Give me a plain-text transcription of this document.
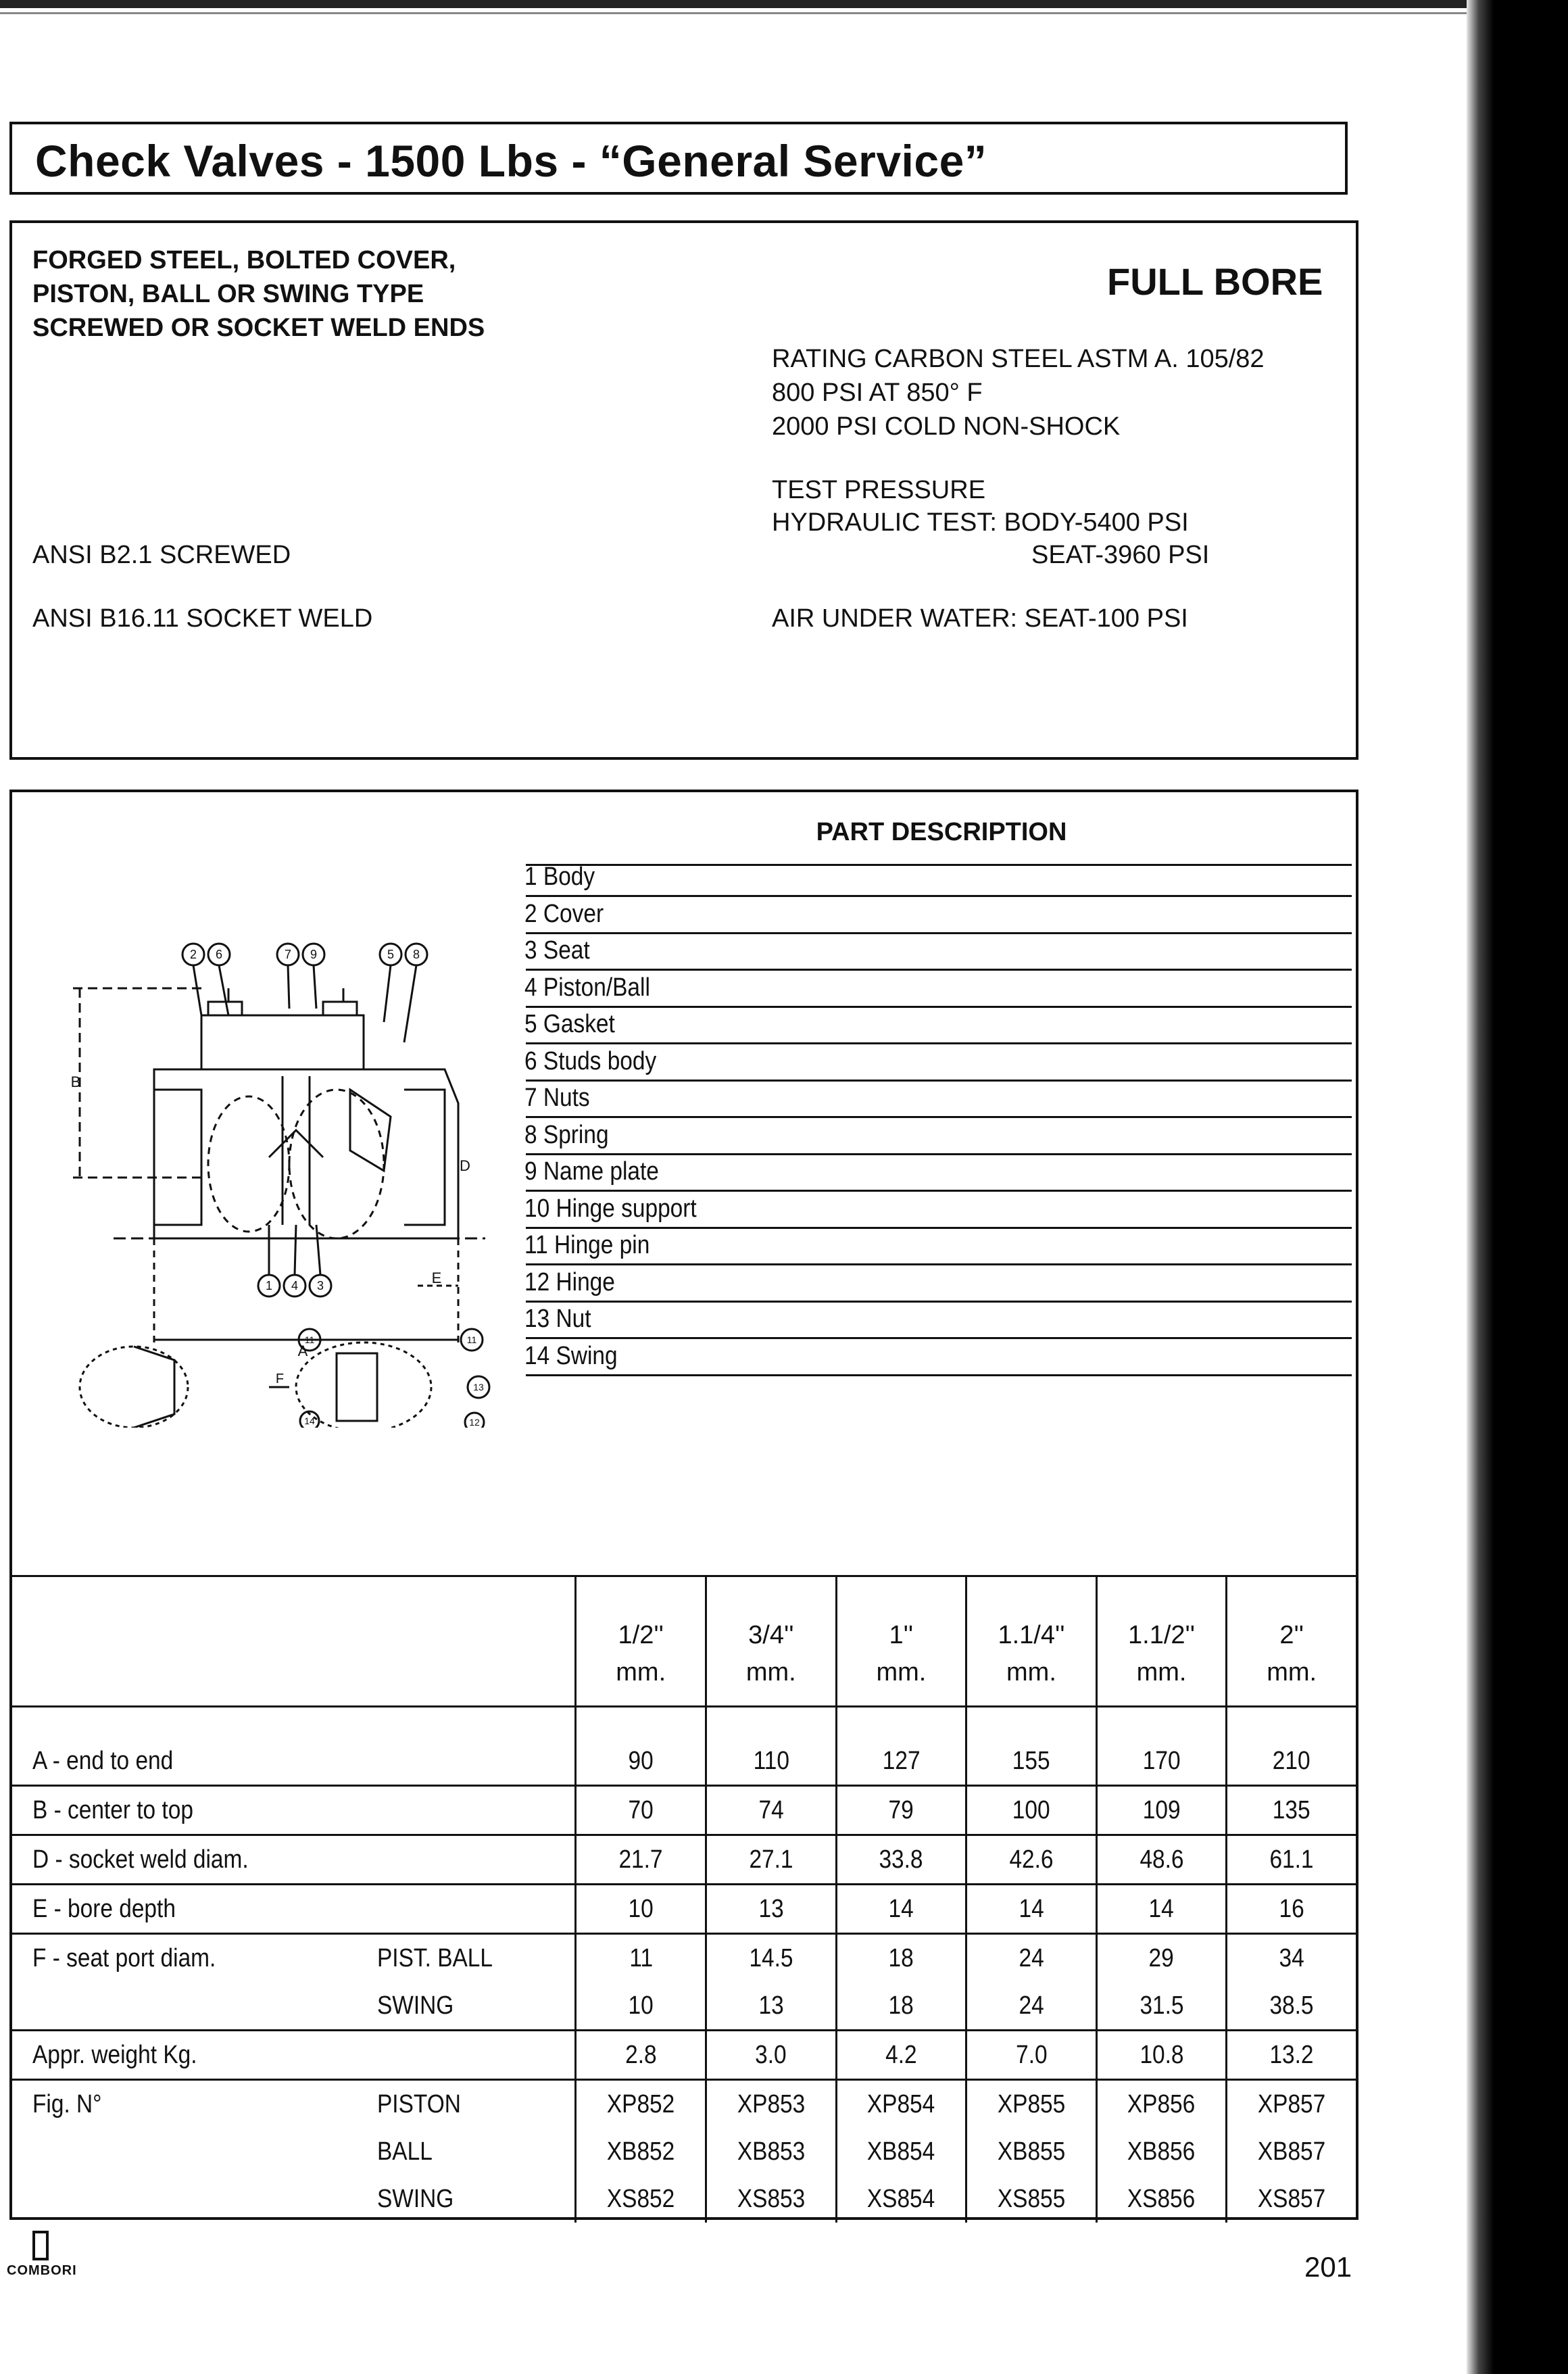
Check Valves - 1500 Lbs - “General Service”
FORGED STEEL, BOLTED COVER,
PISTON, BALL OR SWING TYPE
SCREWED OR SOCKET WELD ENDS
FULL BORE
RATING CARBON STEEL ASTM A. 105/82
800 PSI AT 850° F
2000 PSI COLD NON-SHOCK
TEST PRESSURE
HYDRAULIC TEST: BODY-5400 PSI
SEAT-3960 PSI
ANSI B2.1 SCREWED
ANSI B16.11 SOCKET WELD	AIR UNDER WATER: SEAT-100 PSI
PART DESCRIPTION
2 6	7 9	5 8
1 4 3
B
A
D
E
11	11
13
14	12
F
		1/2''	3/4''	1''	1.1/4''	1.1/2''	2''
		mm.	mm.	mm.	mm.	mm.	mm.

A - end to end		90	110	127	155	170	210
B - center to top		70	74	79	100	109	135
D - socket weld diam.		21.7	27.1	33.8	42.6	48.6	61.1
E - bore depth		10	13	14	14	14	16
F - seat port diam.	PIST. BALL	11	14.5	18	24	29	34
	SWING	10	13	18	24	31.5	38.5
Appr. weight Kg.		2.8	3.0	4.2	7.0	10.8	13.2
Fig. N°	PISTON	XP852	XP853	XP854	XP855	XP856	XP857
	BALL	XB852	XB853	XB854	XB855	XB856	XB857
	SWING	XS852	XS853	XS854	XS855	XS856	XS857
1 Body
2 Cover
3 Seat
4 Piston/Ball
5 Gasket
6 Studs body
7 Nuts
8 Spring
9 Name plate
10 Hinge support
11 Hinge pin
12 Hinge
13 Nut
14 Swing
COMBORI	201
